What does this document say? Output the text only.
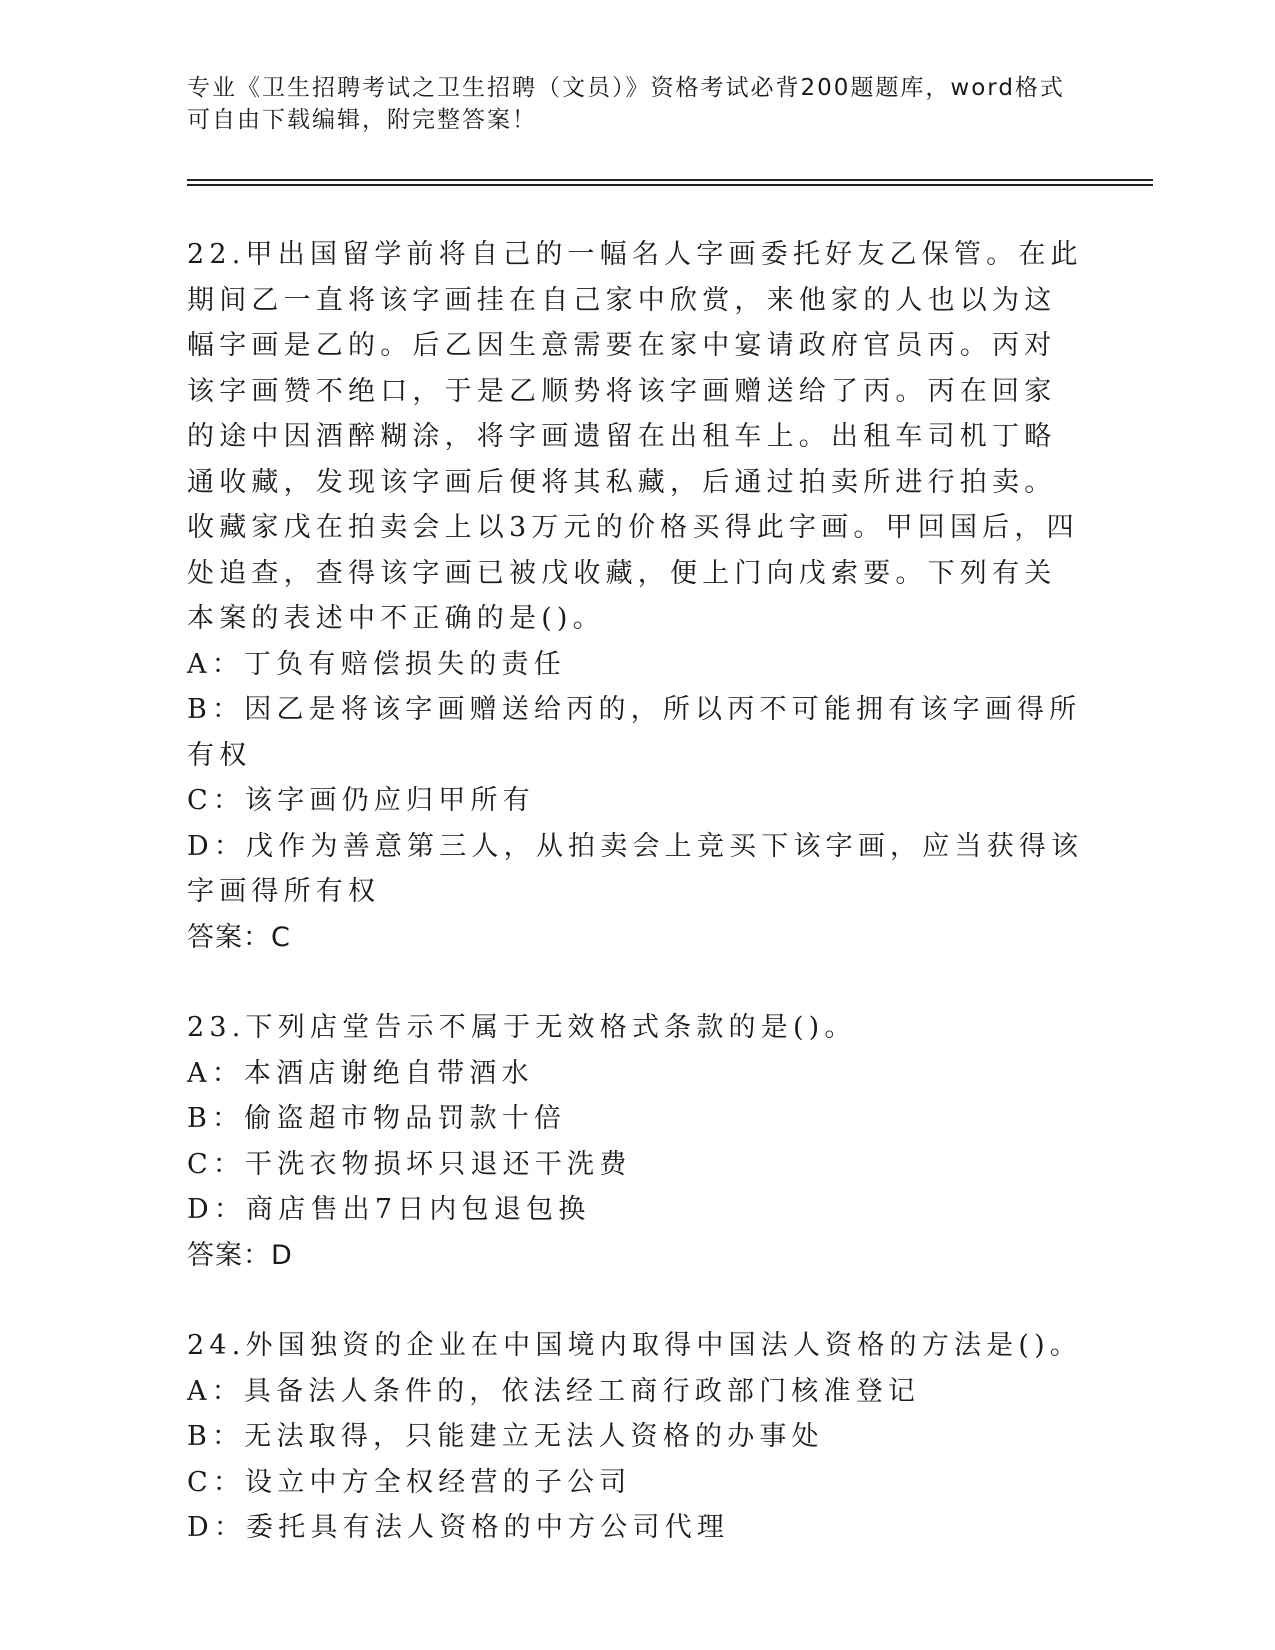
专业《卫生招聘考试之卫生招聘（文员）》资格考试必背200题题库，word格式
可自由下载编辑，附完整答案！
22.甲出国留学前将自己的一幅名人字画委托好友乙保管。在此期间乙一直将该字画挂在自己家中欣赏，来他家的人也以为这幅字画是乙的。后乙因生意需要在家中宴请政府官员丙。丙对该字画赞不绝口，于是乙顺势将该字画赠送给了丙。丙在回家的途中因酒醉糊涂，将字画遗留在出租车上。出租车司机丁略通收藏，发现该字画后便将其私藏，后通过拍卖所进行拍卖。收藏家戊在拍卖会上以3万元的价格买得此字画。甲回国后，四处追查，查得该字画已被戊收藏，便上门向戊索要。下列有关本案的表述中不正确的是()。
A：丁负有赔偿损失的责任
B：因乙是将该字画赠送给丙的，所以丙不可能拥有该字画得所有权
C：该字画仍应归甲所有
D：戊作为善意第三人，从拍卖会上竞买下该字画，应当获得该字画得所有权
答案：C
23.下列店堂告示不属于无效格式条款的是()。
A：本酒店谢绝自带酒水
B：偷盗超市物品罚款十倍
C：干洗衣物损坏只退还干洗费
D：商店售出7日内包退包换
答案：D
24.外国独资的企业在中国境内取得中国法人资格的方法是()。
A：具备法人条件的，依法经工商行政部门核准登记
B：无法取得，只能建立无法人资格的办事处
C：设立中方全权经营的子公司
D：委托具有法人资格的中方公司代理
